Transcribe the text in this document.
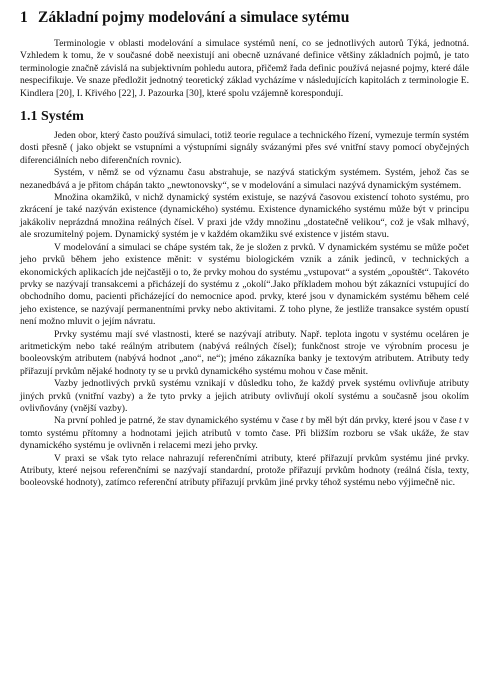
1 Základní pojmy modelování a simulace sytému

Terminologie v oblasti modelování a simulace systémů není, co se jednotlivých autorů Týká, jednotná. Vzhledem k tomu, že v současné době neexistují ani obecně uznávané definice většiny základních pojmů, je tato terminologie značně závislá na subjektivním pohledu autora, přičemž řada definic používá nejasné pojmy, které dále nespecifikuje. Ve snaze předložit jednotný teoretický základ vycházíme v následujících kapitolách z terminologie E. Kindlera [20], I. Křivého [22], J. Pazourka [30], které spolu vzájemně korespondují.

1.1 Systém

Jeden obor, který často používá simulaci, totiž teorie regulace a technického řízení, vymezuje termín systém dosti přesně ( jako objekt se vstupními a výstupními signály svázanými přes své vnitřní stavy pomocí obyčejných diferenciálních nebo diferenčních rovnic).

Systém, v němž se od významu času abstrahuje, se nazývá statickým systémem. Systém, jehož čas se nezanedbává a je přitom chápán takto „newtonovsky“, se v modelování a simulaci nazývá dynamickým systémem.

Množina okamžiků, v nichž dynamický systém existuje, se nazývá časovou existencí tohoto systému, pro zkrácení je také nazýván existence (dynamického) systému. Existence dynamického systému může být v principu jakákoliv neprázdná množina reálných čísel. V praxi jde vždy množinu „dostatečně velikou“, což je však mlhavý, ale srozumitelný pojem. Dynamický systém je v každém okamžiku své existence v jistém stavu.

V modelování a simulaci se chápe systém tak, že je složen z prvků. V dynamickém systému se může počet jeho prvků během jeho existence měnit: v systému biologickém vznik a zánik jedinců, v technických a ekonomických aplikacích jde nejčastěji o to, že prvky mohou do systému „vstupovat“ a systém „opouštět“. Takovéto prvky se nazývají transakcemi a přicházejí do systému z „okolí“.Jako příkladem mohou být zákazníci vstupující do obchodního domu, pacienti přicházející do nemocnice apod. prvky, které jsou v dynamickém systému během celé jeho existence, se nazývají permanentními prvky nebo aktivitami. Z toho plyne, že jestliže transakce systém opustí není možno mluvit o jejím návratu.

Prvky systému mají své vlastnosti, které se nazývají atributy. Např. teplota ingotu v systému oceláren je aritmetickým nebo také reálným atributem (nabývá reálných čísel); funkčnost stroje ve výrobním procesu je booleovským atributem (nabývá hodnot „ano“, ne“); jméno zákazníka banky je textovým atributem. Atributy tedy přiřazují prvkům nějaké hodnoty ty se u prvků dynamického systému mohou v čase měnit.

Vazby jednotlivých prvků systému vznikají v důsledku toho, že každý prvek systému ovlivňuje atributy jiných prvků (vnitřní vazby) a že tyto prvky a jejich atributy ovlivňují okolí systému a současně jsou okolím ovlivňovány (vnější vazby).

Na první pohled je patrné, že stav dynamického systému v čase t by měl být dán prvky, které jsou v čase t v tomto systému přítomny a hodnotami jejich atributů v tomto čase. Při bližším rozboru se však ukáže, že stav dynamického systému je ovlivněn i relacemi mezi jeho prvky.

V praxi se však tyto relace nahrazují referenčními atributy, které přiřazují prvkům systému jiné prvky. Atributy, které nejsou referenčními se nazývají standardní, protože přiřazují prvkům hodnoty (reálná čísla, texty, booleovské hodnoty), zatímco referenční atributy přiřazují prvkům jiné prvky téhož systému nebo výjimečně nic.
